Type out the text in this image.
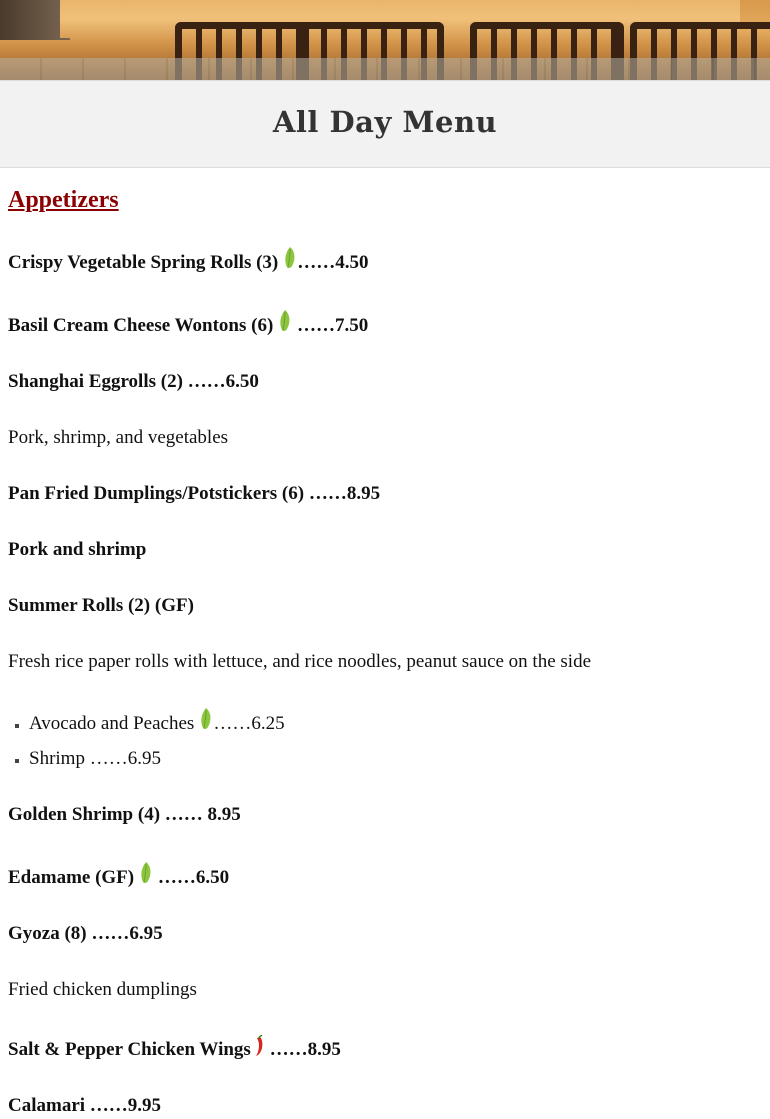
All Day Menu
Appetizers

Crispy Vegetable Spring Rolls (3) ……4.50

Basil Cream Cheese Wontons (6) ……7.50

Shanghai Eggrolls (2) ……6.50

Pork, shrimp, and vegetables

Pan Fried Dumplings/Potstickers (6) ……8.95

Pork and shrimp

Summer Rolls (2) (GF)

Fresh rice paper rolls with lettuce, and rice noodles, peanut sauce on the side

▪ Avocado and Peaches ……6.25
▪ Shrimp ……6.95

Golden Shrimp (4) …… 8.95

Edamame (GF) ……6.50

Gyoza (8) ……6.95

Fried chicken dumplings

Salt & Pepper Chicken Wings ……8.95

Calamari ……9.95
